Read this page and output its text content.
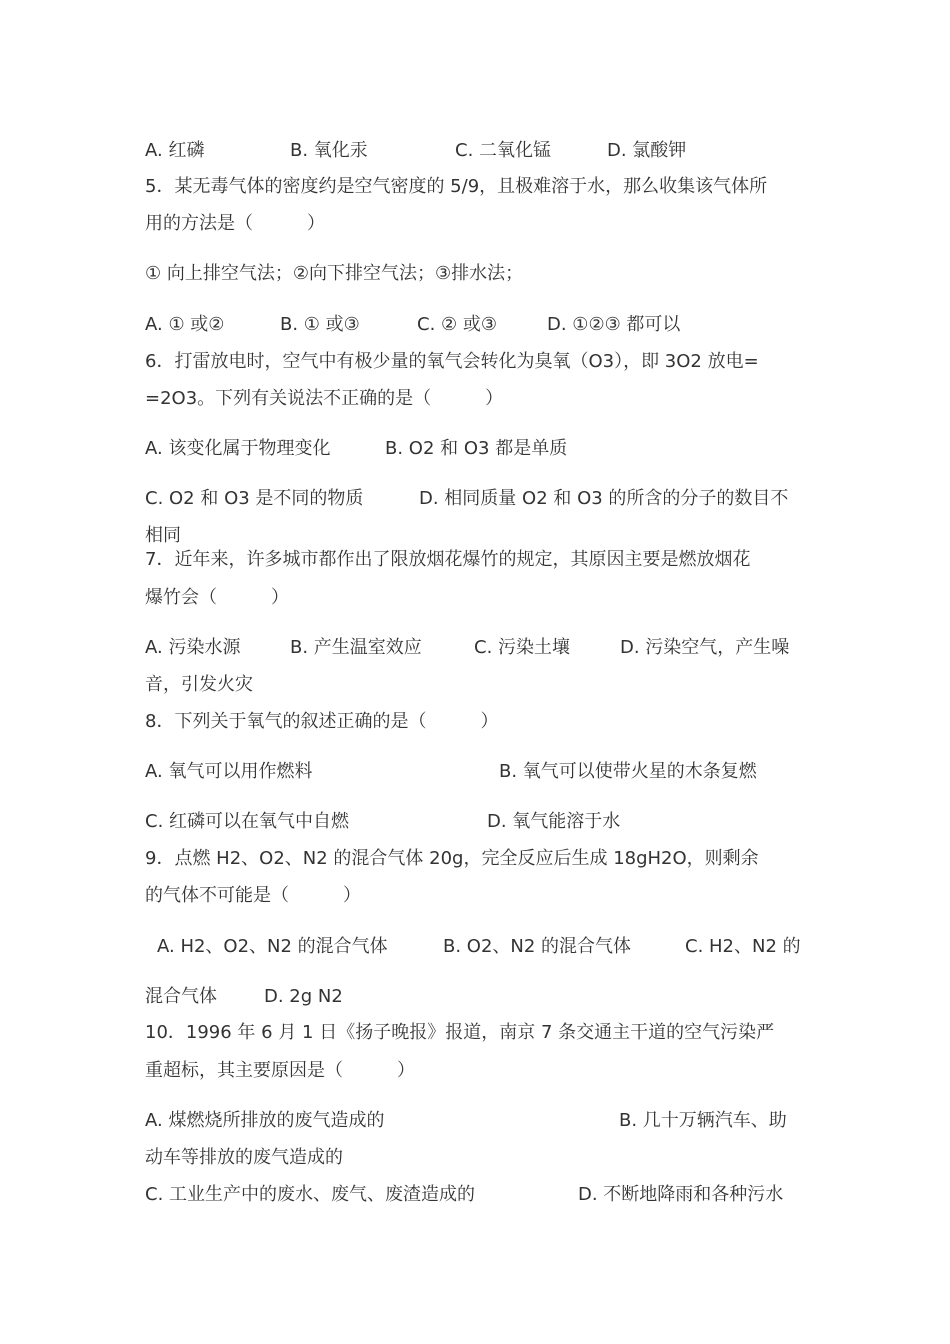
A. 红磷	B. 氧化汞	C. 二氧化锰	D. 氯酸钾
5．某无毒气体的密度约是空气密度的 5/9，且极难溶于水，那么收集该气体所
用的方法是（　　　）
① 向上排空气法；②向下排空气法；③排水法；
A. ① 或②	B. ① 或③	C. ② 或③	D. ①②③ 都可以
6．打雷放电时，空气中有极少量的氧气会转化为臭氧（O3），即 3O2 放电=
=2O3。下列有关说法不正确的是（　　　）
A. 该变化属于物理变化	B. O2 和 O3 都是单质
C. O2 和 O3 是不同的物质	D. 相同质量 O2 和 O3 的所含的分子的数目不
相同
7．近年来，许多城市都作出了限放烟花爆竹的规定，其原因主要是燃放烟花
爆竹会（　　　）
A. 污染水源	B. 产生温室效应	C. 污染土壤	D. 污染空气，产生噪
音，引发火灾
8．下列关于氧气的叙述正确的是（　　　）
A. 氧气可以用作燃料	B. 氧气可以使带火星的木条复燃
C. 红磷可以在氧气中自燃	D. 氧气能溶于水
9．点燃 H2、O2、N2 的混合气体 20g，完全反应后生成 18gH2O，则剩余
的气体不可能是（　　　）
A. H2、O2、N2 的混合气体	B. O2、N2 的混合气体	C. H2、N2 的
混合气体	D. 2g N2
10．1996 年 6 月 1 日《扬子晚报》报道，南京 7 条交通主干道的空气污染严
重超标，其主要原因是（　　　）
A. 煤燃烧所排放的废气造成的	B. 几十万辆汽车、助
动车等排放的废气造成的
C. 工业生产中的废水、废气、废渣造成的	D. 不断地降雨和各种污水
